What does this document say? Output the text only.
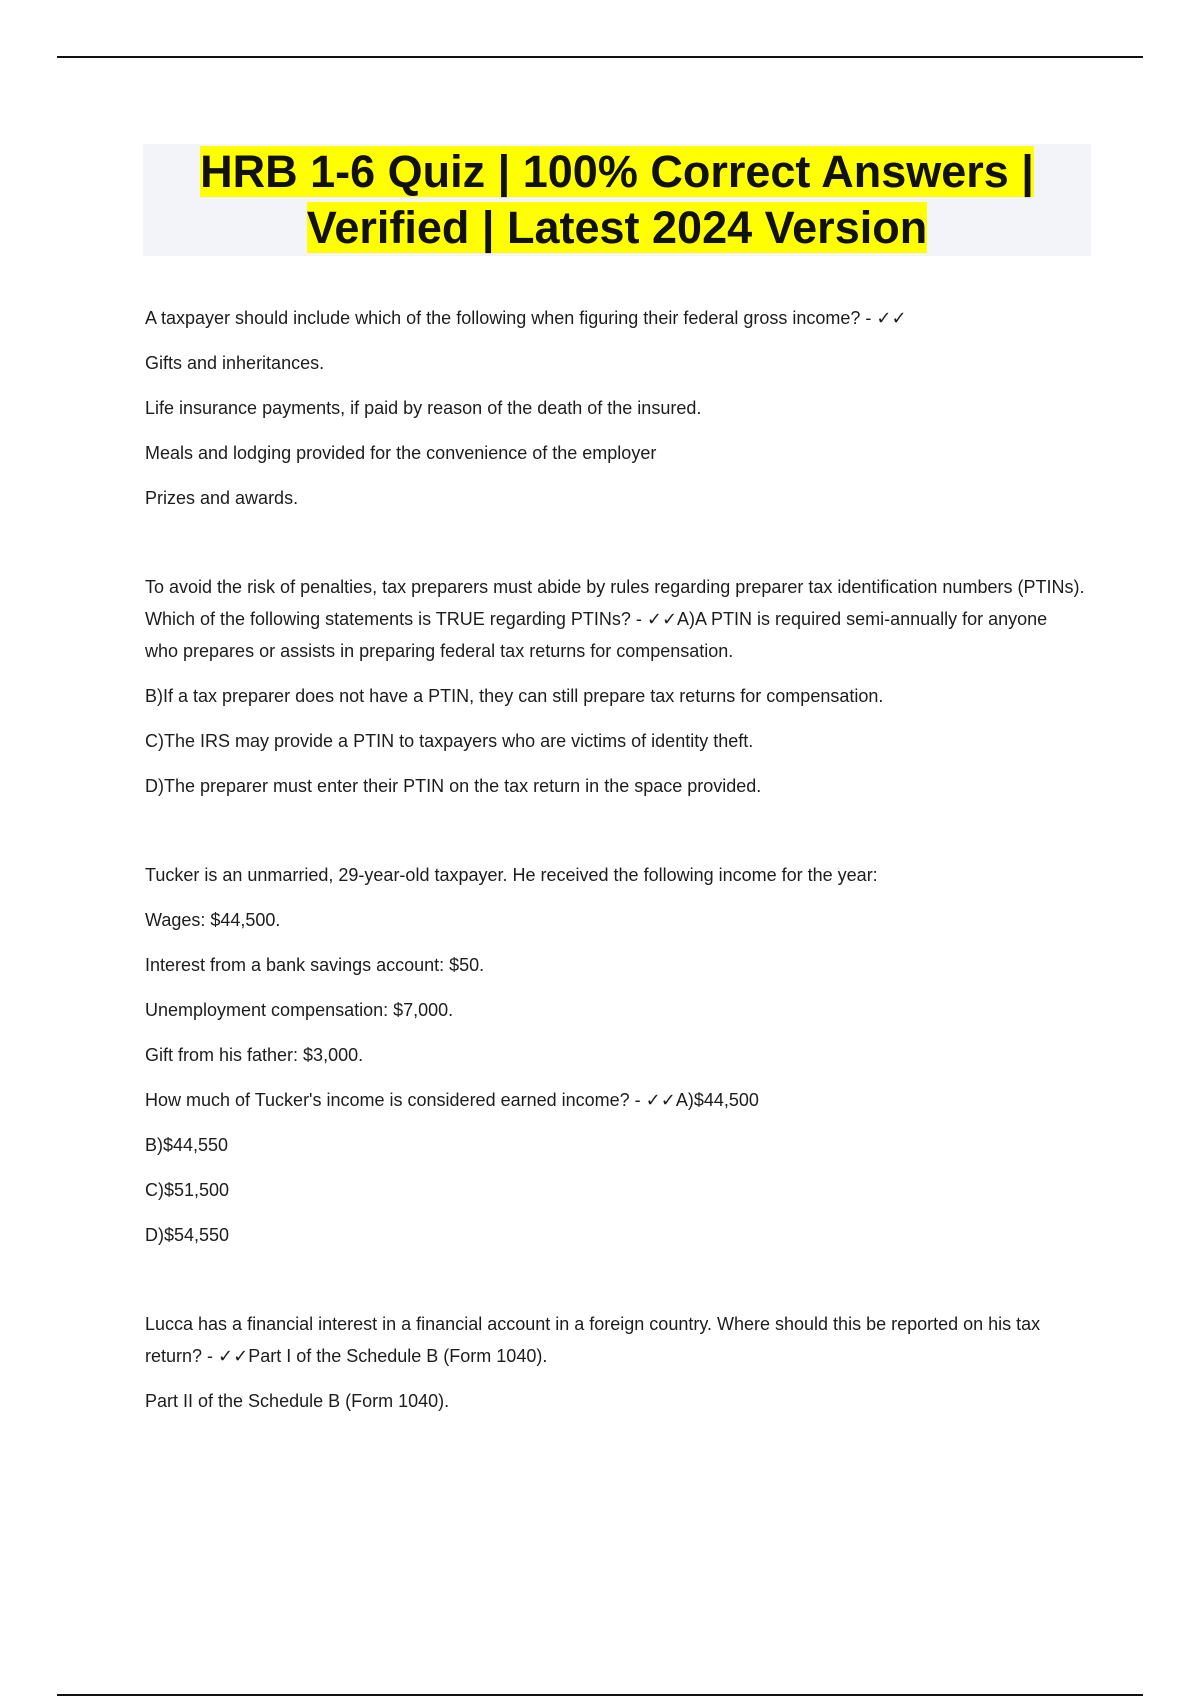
HRB 1-6 Quiz | 100% Correct Answers |
Verified | Latest 2024 Version

A taxpayer should include which of the following when figuring their federal gross income? - ✓✓

Gifts and inheritances.

Life insurance payments, if paid by reason of the death of the insured.

Meals and lodging provided for the convenience of the employer

Prizes and awards.

To avoid the risk of penalties, tax preparers must abide by rules regarding preparer tax identification numbers (PTINs). Which of the following statements is TRUE regarding PTINs? - ✓✓A)A PTIN is required semi-annually for anyone who prepares or assists in preparing federal tax returns for compensation.

B)If a tax preparer does not have a PTIN, they can still prepare tax returns for compensation.

C)The IRS may provide a PTIN to taxpayers who are victims of identity theft.

D)The preparer must enter their PTIN on the tax return in the space provided.

Tucker is an unmarried, 29-year-old taxpayer. He received the following income for the year:

Wages: $44,500.

Interest from a bank savings account: $50.

Unemployment compensation: $7,000.

Gift from his father: $3,000.

How much of Tucker's income is considered earned income? - ✓✓A)$44,500

B)$44,550

C)$51,500

D)$54,550

Lucca has a financial interest in a financial account in a foreign country. Where should this be reported on his tax return? - ✓✓Part I of the Schedule B (Form 1040).

Part II of the Schedule B (Form 1040).
